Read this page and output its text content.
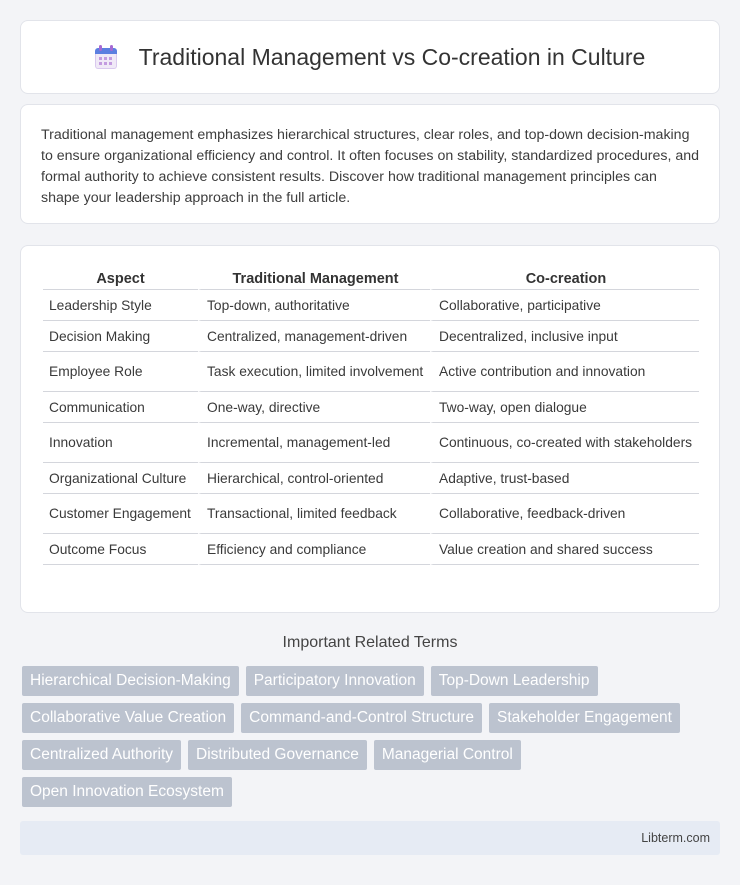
Traditional Management vs Co-creation in Culture

Traditional management emphasizes hierarchical structures, clear roles, and top-down decision-making to ensure organizational efficiency and control. It often focuses on stability, standardized procedures, and formal authority to achieve consistent results. Discover how traditional management principles can shape your leadership approach in the full article.

Aspect	Traditional Management	Co-creation
Leadership Style	Top-down, authoritative	Collaborative, participative
Decision Making	Centralized, management-driven	Decentralized, inclusive input
Employee Role	Task execution, limited involvement	Active contribution and innovation
Communication	One-way, directive	Two-way, open dialogue
Innovation	Incremental, management-led	Continuous, co-created with stakeholders
Organizational Culture	Hierarchical, control-oriented	Adaptive, trust-based
Customer Engagement	Transactional, limited feedback	Collaborative, feedback-driven
Outcome Focus	Efficiency and compliance	Value creation and shared success
Important Related Terms
Hierarchical Decision-Making	Participatory Innovation	Top-Down Leadership
Collaborative Value Creation	Command-and-Control Structure	Stakeholder Engagement
Centralized Authority	Distributed Governance	Managerial Control
Open Innovation Ecosystem
Libterm.com
